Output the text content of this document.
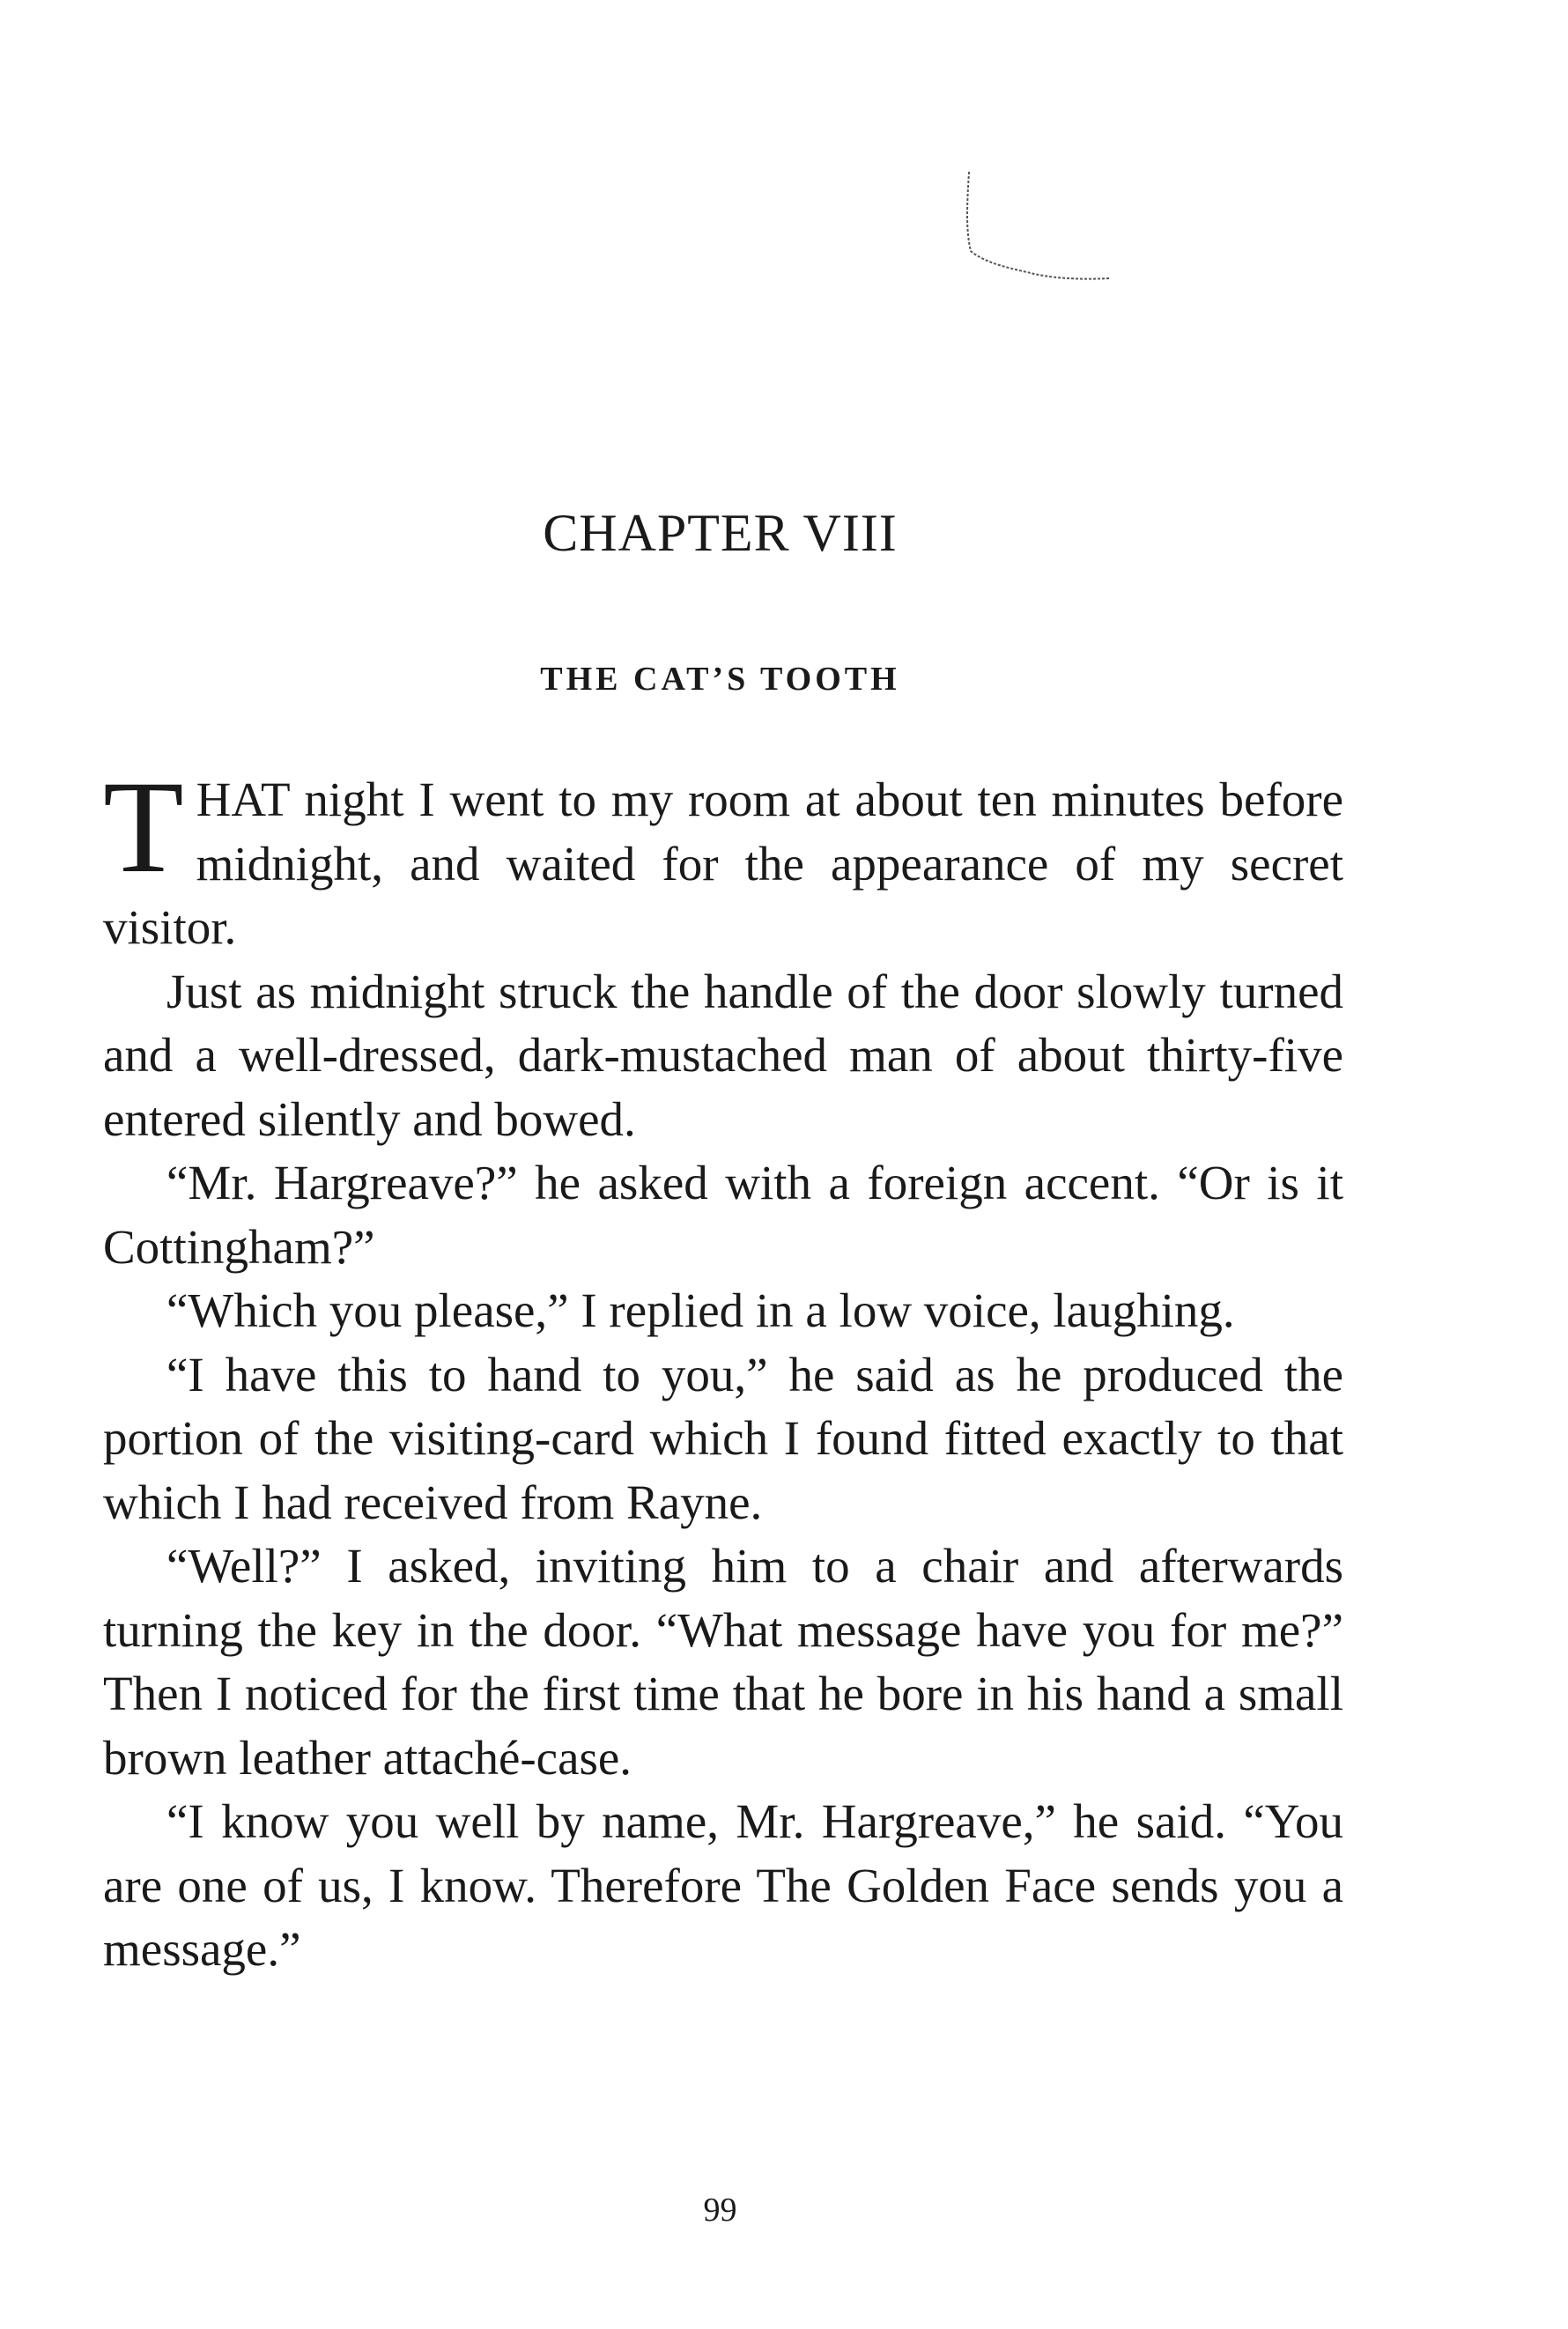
CHAPTER VIII
THE CAT’S TOOTH

THAT night I went to my room at about ten minutes before midnight, and waited for the appearance of my secret visitor.

Just as midnight struck the handle of the door slowly turned and a well-dressed, dark-mustached man of about thirty-five entered silently and bowed.

“Mr. Hargreave?” he asked with a foreign accent. “Or is it Cottingham?”

“Which you please,” I replied in a low voice, laughing.

“I have this to hand to you,” he said as he produced the portion of the visiting-card which I found fitted exactly to that which I had received from Rayne.

“Well?” I asked, inviting him to a chair and afterwards turning the key in the door. “What message have you for me?” Then I noticed for the first time that he bore in his hand a small brown leather attaché-case.

“I know you well by name, Mr. Hargreave,” he said. “You are one of us, I know. Therefore The Golden Face sends you a message.”

99
